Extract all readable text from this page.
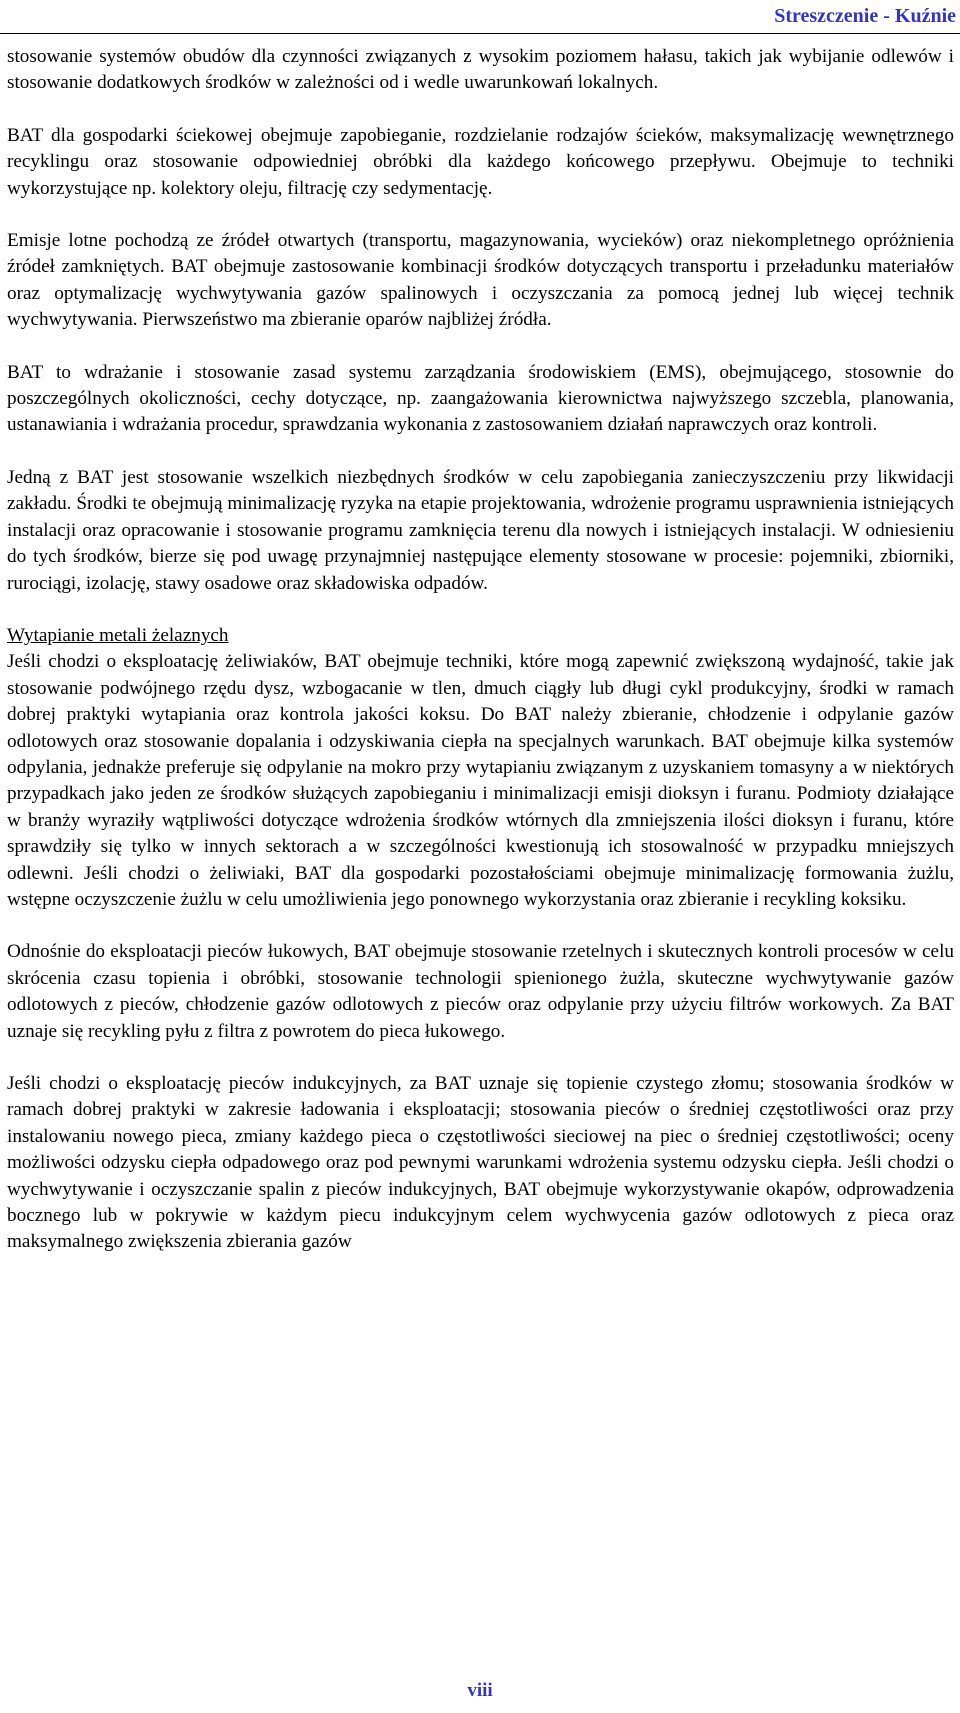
Streszczenie - Kuźnie

stosowanie systemów obudów dla czynności związanych z wysokim poziomem hałasu, takich jak wybijanie odlewów i stosowanie dodatkowych środków w zależności od i wedle uwarunkowań lokalnych.

BAT dla gospodarki ściekowej obejmuje zapobieganie, rozdzielanie rodzajów ścieków, maksymalizację wewnętrznego recyklingu oraz stosowanie odpowiedniej obróbki dla każdego końcowego przepływu. Obejmuje to techniki wykorzystujące np. kolektory oleju, filtrację czy sedymentację.

Emisje lotne pochodzą ze źródeł otwartych (transportu, magazynowania, wycieków) oraz niekompletnego opróżnienia źródeł zamkniętych. BAT obejmuje zastosowanie kombinacji środków dotyczących transportu i przeładunku materiałów oraz optymalizację wychwytywania gazów spalinowych i oczyszczania za pomocą jednej lub więcej technik wychwytywania. Pierwszeństwo ma zbieranie oparów najbliżej źródła.

BAT to wdrażanie i stosowanie zasad systemu zarządzania środowiskiem (EMS), obejmującego, stosownie do poszczególnych okoliczności, cechy dotyczące, np. zaangażowania kierownictwa najwyższego szczebla, planowania, ustanawiania i wdrażania procedur, sprawdzania wykonania z zastosowaniem działań naprawczych oraz kontroli.

Jedną z BAT jest stosowanie wszelkich niezbędnych środków w celu zapobiegania zanieczyszczeniu przy likwidacji zakładu. Środki te obejmują minimalizację ryzyka na etapie projektowania, wdrożenie programu usprawnienia istniejących instalacji oraz opracowanie i stosowanie programu zamknięcia terenu dla nowych i istniejących instalacji. W odniesieniu do tych środków, bierze się pod uwagę przynajmniej następujące elementy stosowane w procesie: pojemniki, zbiorniki, rurociągi, izolację, stawy osadowe oraz składowiska odpadów.

Wytapianie metali żelaznych
Jeśli chodzi o eksploatację żeliwiaków, BAT obejmuje techniki, które mogą zapewnić zwiększoną wydajność, takie jak stosowanie podwójnego rzędu dysz, wzbogacanie w tlen, dmuch ciągły lub długi cykl produkcyjny, środki w ramach dobrej praktyki wytapiania oraz kontrola jakości koksu. Do BAT należy zbieranie, chłodzenie i odpylanie gazów odlotowych oraz stosowanie dopalania i odzyskiwania ciepła na specjalnych warunkach. BAT obejmuje kilka systemów odpylania, jednakże preferuje się odpylanie na mokro przy wytapianiu związanym z uzyskaniem tomasyny a w niektórych przypadkach jako jeden ze środków służących zapobieganiu i minimalizacji emisji dioksyn i furanu. Podmioty działające w branży wyraziły wątpliwości dotyczące wdrożenia środków wtórnych dla zmniejszenia ilości dioksyn i furanu, które sprawdziły się tylko w innych sektorach a w szczególności kwestionują ich stosowalność w przypadku mniejszych odlewni. Jeśli chodzi o żeliwiaki, BAT dla gospodarki pozostałościami obejmuje minimalizację formowania żużlu, wstępne oczyszczenie żużlu w celu umożliwienia jego ponownego wykorzystania oraz zbieranie i recykling koksiku.

Odnośnie do eksploatacji pieców łukowych, BAT obejmuje stosowanie rzetelnych i skutecznych kontroli procesów w celu skrócenia czasu topienia i obróbki, stosowanie technologii spienionego żużla, skuteczne wychwytywanie gazów odlotowych z pieców, chłodzenie gazów odlotowych z pieców oraz odpylanie przy użyciu filtrów workowych. Za BAT uznaje się recykling pyłu z filtra z powrotem do pieca łukowego.

Jeśli chodzi o eksploatację pieców indukcyjnych, za BAT uznaje się topienie czystego złomu; stosowania środków w ramach dobrej praktyki w zakresie ładowania i eksploatacji; stosowania pieców o średniej częstotliwości oraz przy instalowaniu nowego pieca, zmiany każdego pieca o częstotliwości sieciowej na piec o średniej częstotliwości; oceny możliwości odzysku ciepła odpadowego oraz pod pewnymi warunkami wdrożenia systemu odzysku ciepła. Jeśli chodzi o wychwytywanie i oczyszczanie spalin z pieców indukcyjnych, BAT obejmuje wykorzystywanie okapów, odprowadzenia bocznego lub w pokrywie w każdym piecu indukcyjnym celem wychwycenia gazów odlotowych z pieca oraz maksymalnego zwiększenia zbierania gazów

viii
